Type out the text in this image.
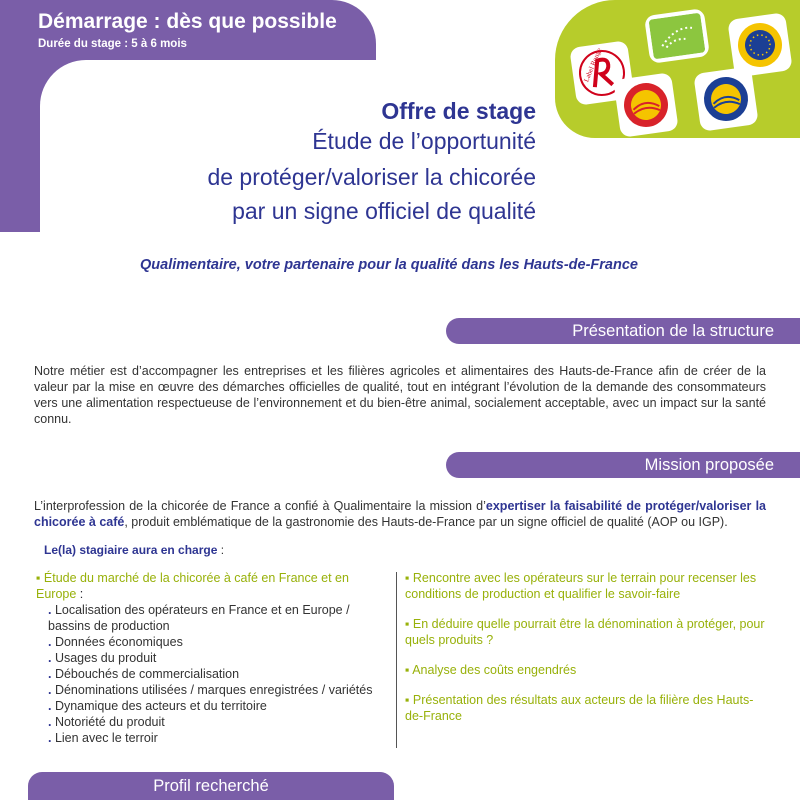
Démarrage : dès que possible
Durée du stage : 5 à 6 mois
Label Rouge
Offre de stage
Étude de l’opportunité
de protéger/valoriser la chicorée
par un signe officiel de qualité
Qualimentaire, votre partenaire pour la qualité dans les Hauts-de-France
Présentation de la structure
Notre métier est d’accompagner les entreprises et les filières agricoles et alimentaires des Hauts-de-France afin de créer de la valeur par la mise en œuvre des démarches officielles de qualité, tout en intégrant l’évolution de la demande des consommateurs vers une alimentation respectueuse de l’environnement et du bien-être animal, socialement acceptable, avec un impact sur la santé connu.
Mission proposée
L’interprofession de la chicorée de France a confié à Qualimentaire la mission d’expertiser la faisabilité de protéger/valoriser la chicorée à café, produit emblématique de la gastronomie des Hauts-de-France par un signe officiel de qualité (AOP ou IGP).
Le(la) stagiaire aura en charge :
▪ Étude du marché de la chicorée à café en France et en Europe :
. Localisation des opérateurs en France et en Europe / bassins de production
. Données économiques
. Usages du produit
. Débouchés de commercialisation
. Dénominations utilisées / marques enregistrées / variétés
. Dynamique des acteurs et du territoire
. Notoriété du produit
. Lien avec le terroir
▪ Rencontre avec les opérateurs sur le terrain pour recenser les conditions de production et qualifier le savoir-faire
▪ En déduire quelle pourrait être la dénomination à protéger, pour quels produits ?
▪ Analyse des coûts engendrés
▪ Présentation des résultats aux acteurs de la filière des Hauts-de-France
Profil recherché
